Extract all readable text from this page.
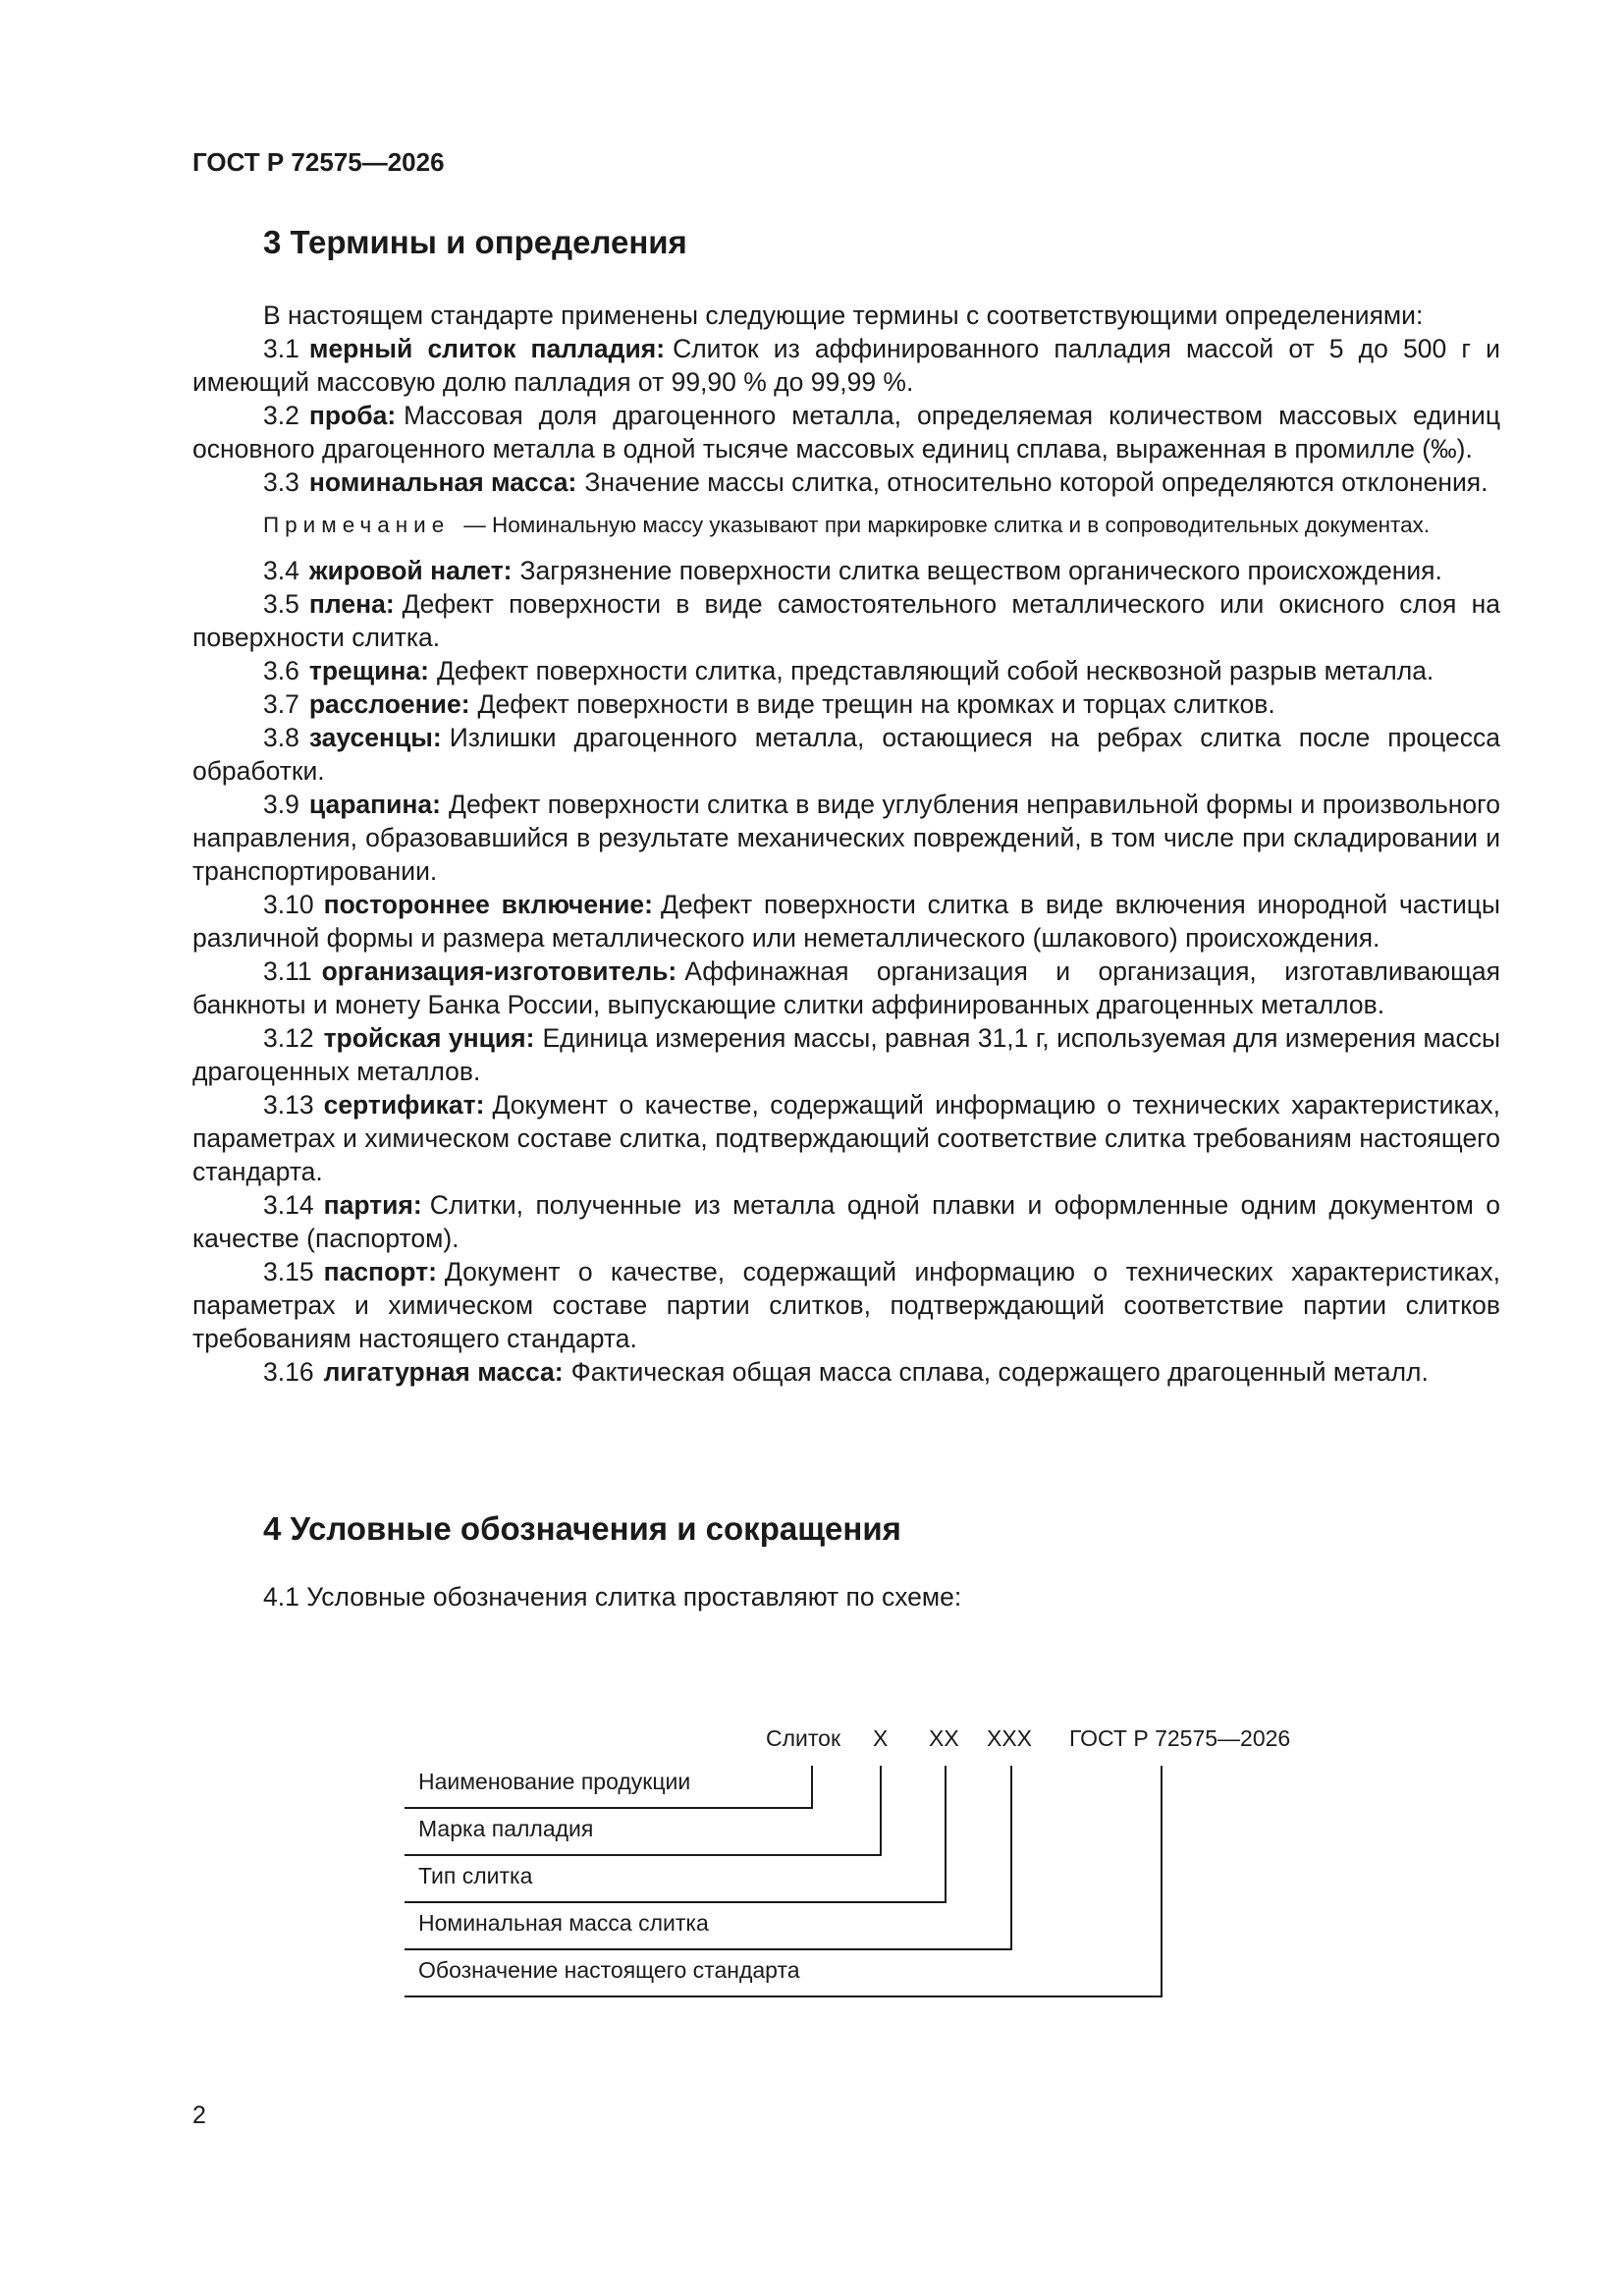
ГОСТ Р 72575—2026
3 Термины и определения

В настоящем стандарте применены следующие термины с соответствующими определениями:

3.1 мерный слиток палладия: Слиток из аффинированного палладия массой от 5 до 500 г и имеющий массовую долю палладия от 99,90 % до 99,99 %.

3.2 проба: Массовая доля драгоценного металла, определяемая количеством массовых единиц основного драгоценного металла в одной тысяче массовых единиц сплава, выраженная в промилле (‰).

3.3 номинальная масса: Значение массы слитка, относительно которой определяются отклонения.

Примечание — Номинальную массу указывают при маркировке слитка и в сопроводительных документах.

3.4 жировой налет: Загрязнение поверхности слитка веществом органического происхождения.

3.5 плена: Дефект поверхности в виде самостоятельного металлического или окисного слоя на поверхности слитка.

3.6 трещина: Дефект поверхности слитка, представляющий собой несквозной разрыв металла.

3.7 расслоение: Дефект поверхности в виде трещин на кромках и торцах слитков.

3.8 заусенцы: Излишки драгоценного металла, остающиеся на ребрах слитка после процесса обработки.

3.9 царапина: Дефект поверхности слитка в виде углубления неправильной формы и произвольного направления, образовавшийся в результате механических повреждений, в том числе при складировании и транспортировании.

3.10 постороннее включение: Дефект поверхности слитка в виде включения инородной частицы различной формы и размера металлического или неметаллического (шлакового) происхождения.

3.11 организация-изготовитель: Аффинажная организация и организация, изготавливающая банкноты и монету Банка России, выпускающие слитки аффинированных драгоценных металлов.

3.12 тройская унция: Единица измерения массы, равная 31,1 г, используемая для измерения массы драгоценных металлов.

3.13 сертификат: Документ о качестве, содержащий информацию о технических характеристиках, параметрах и химическом составе слитка, подтверждающий соответствие слитка требованиям настоящего стандарта.

3.14 партия: Слитки, полученные из металла одной плавки и оформленные одним документом о качестве (паспортом).

3.15 паспорт: Документ о качестве, содержащий информацию о технических характеристиках, параметрах и химическом составе партии слитков, подтверждающий соответствие партии слитков требованиям настоящего стандарта.

3.16 лигатурная масса: Фактическая общая масса сплава, содержащего драгоценный металл.

4 Условные обозначения и сокращения
4.1 Условные обозначения слитка проставляют по схеме:
Слиток X XX XXX ГОСТ Р 72575—2026
Наименование продукции
Марка палладия
Тип слитка
Номинальная масса слитка
Обозначение настоящего стандарта
2
